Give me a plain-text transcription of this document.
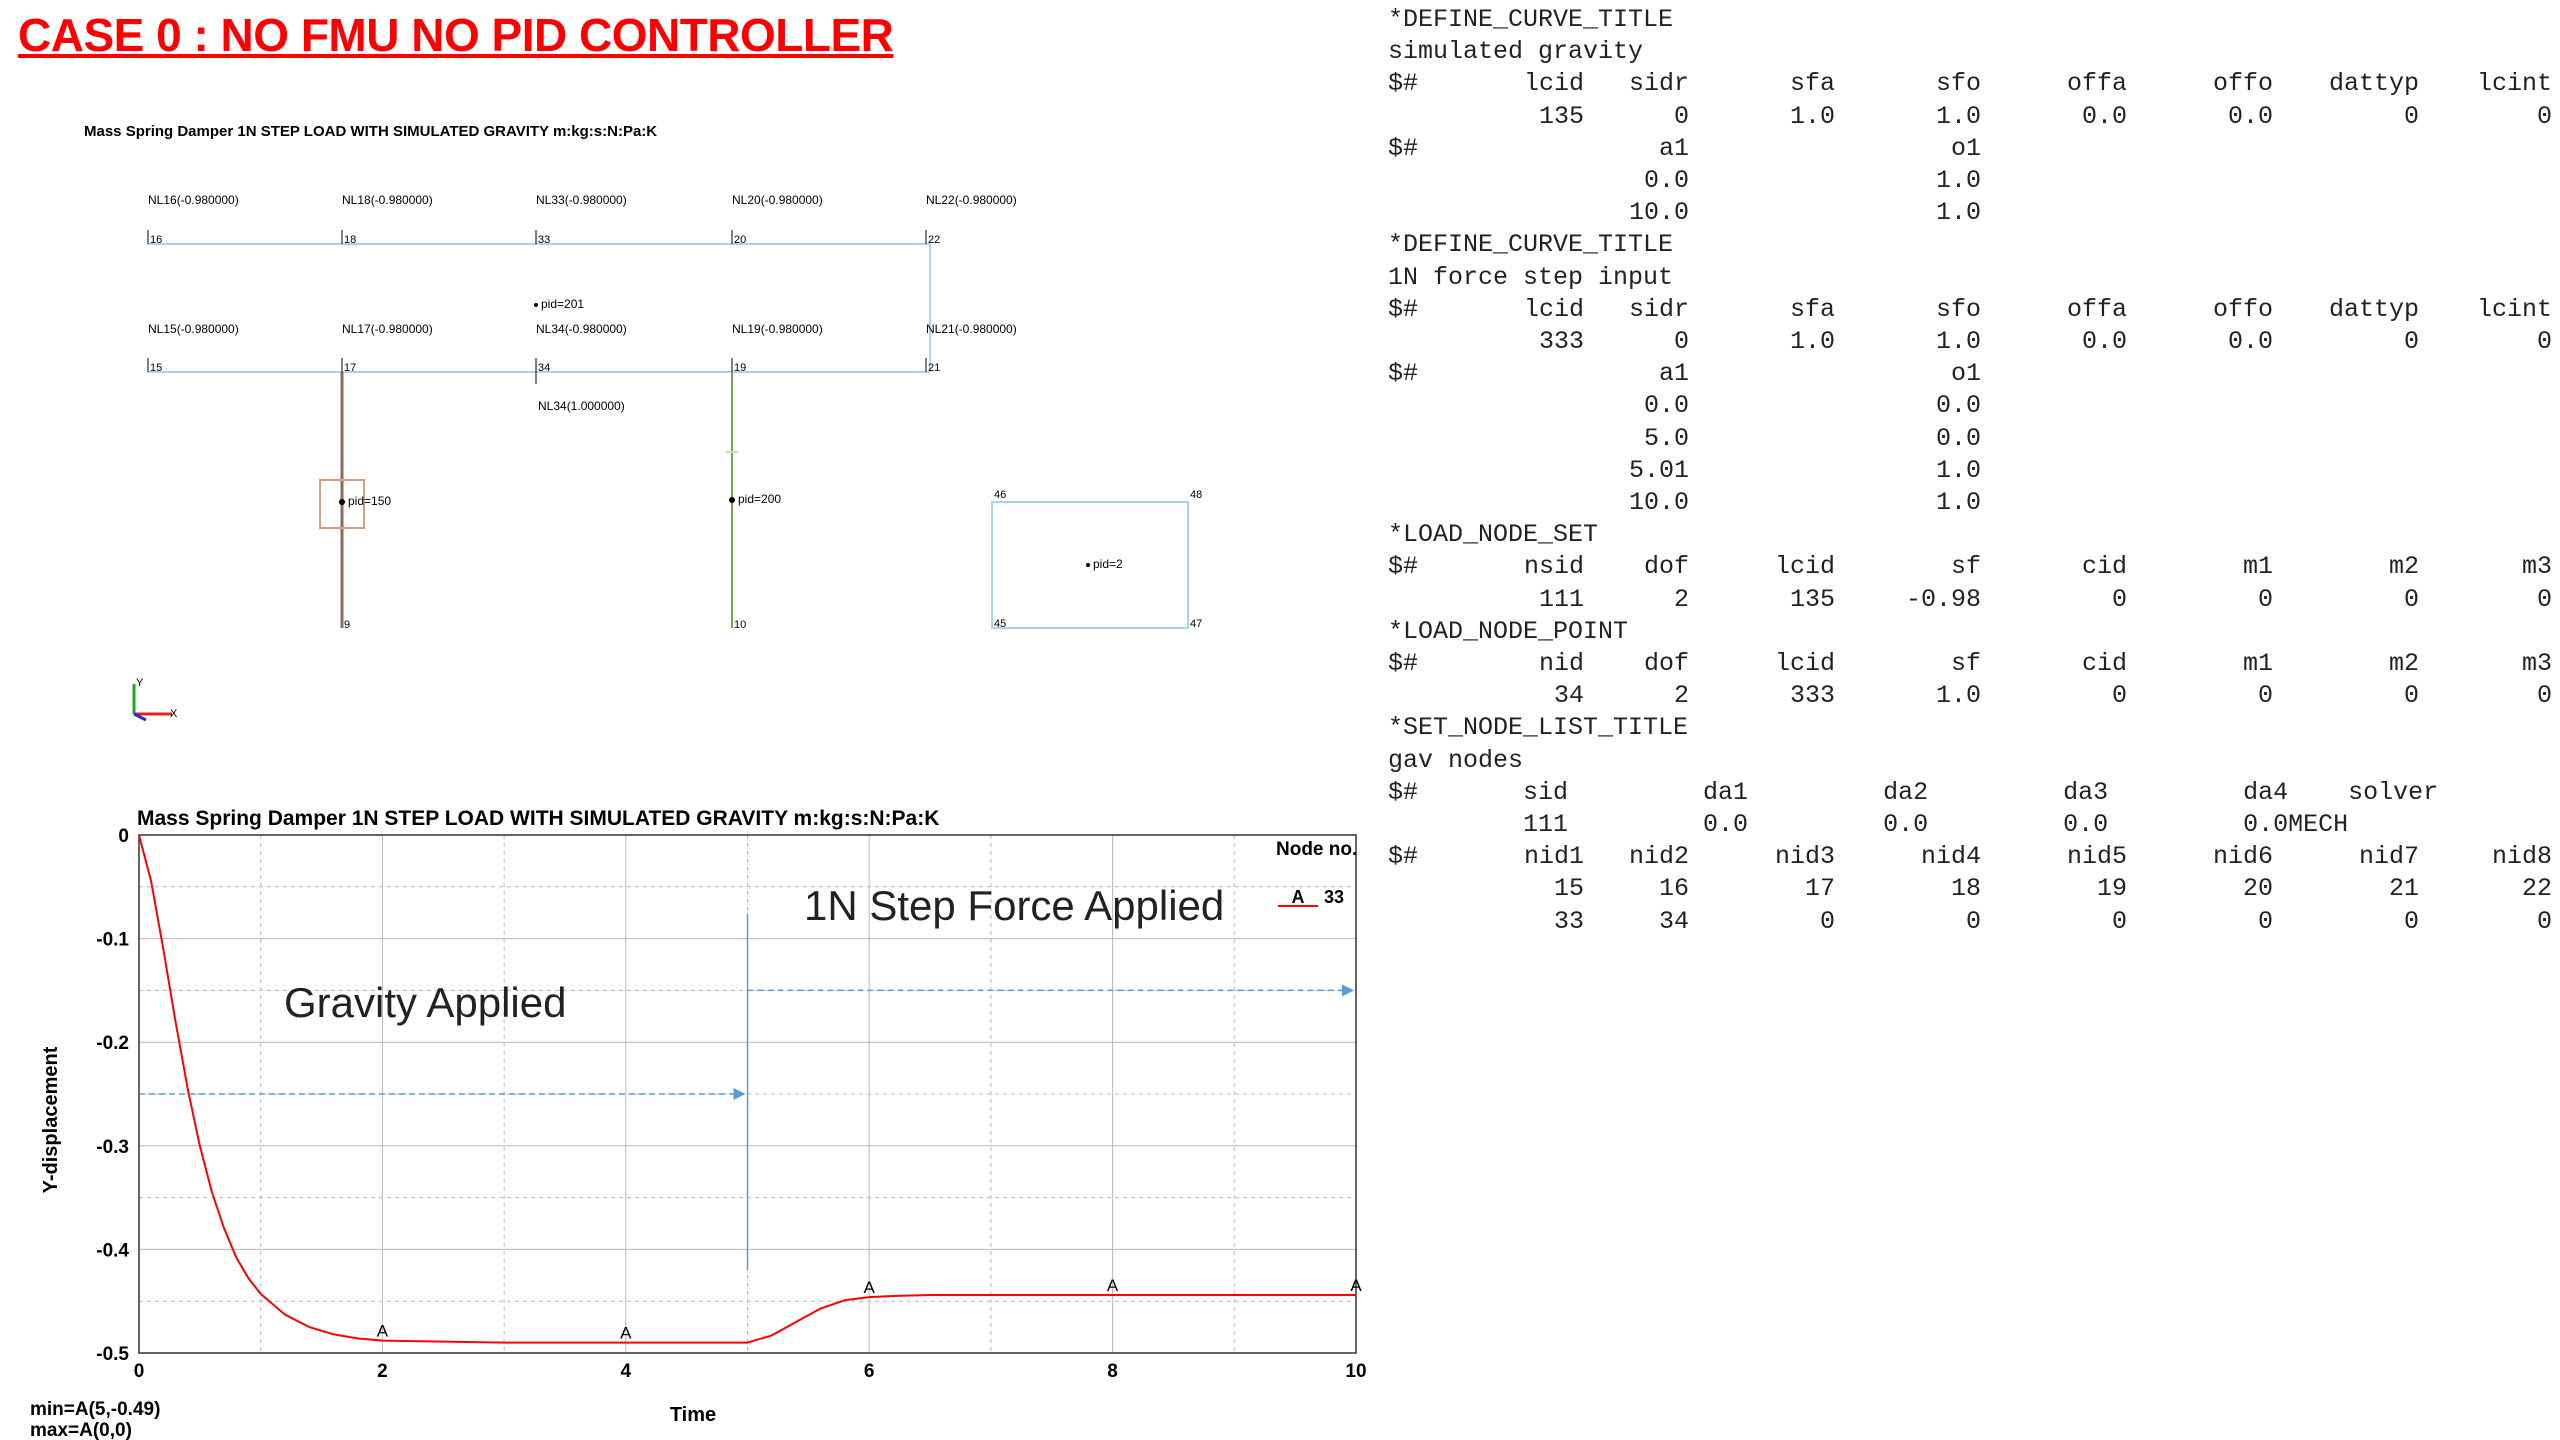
CASE 0 : NO FMU NO PID CONTROLLER
Mass Spring Damper 1N STEP LOAD WITH SIMULATED GRAVITY m:kg:s:N:Pa:K
NL16(-0.980000)
16
NL18(-0.980000)
18
NL33(-0.980000)
33
NL20(-0.980000)
20
NL22(-0.980000)
22
NL15(-0.980000)
15
NL17(-0.980000)
17
NL34(-0.980000)
34
NL19(-0.980000)
19
NL21(-0.980000)
21
pid=201
NL34(1.000000)
pid=150	pid=200
9	10
46	48
45	47
pid=2
Y
X
Mass Spring Damper 1N STEP LOAD WITH SIMULATED GRAVITY m:kg:s:N:Pa:K
0	2	4	6	8	10
0
-0.1
-0.2
-0.3
-0.4
-0.5
Time
Y-displacement
min=A(5,-0.49)
max=A(0,0)
A	A
A	A	A
Node no.
A 33
1N Step Force Applied
Gravity Applied
*DEFINE_CURVE_TITLE
simulated gravity
$#	lcid sidr	sfa	sfo	offa	offo dattyp lcint
135	0	1.0	1.0	0.0	0.0	0	0
$#	a1	o1
0.0	1.0
10.0	1.0
*DEFINE_CURVE_TITLE
1N force step input
$#	lcid sidr	sfa	sfo	offa	offo dattyp lcint
333	0	1.0	1.0	0.0	0.0	0	0
$#	a1	o1
0.0	0.0
5.0	0.0
5.01	1.0
10.0	1.0
*LOAD_NODE_SET
$#	nsid dof	lcid	sf	cid	m1	m2	m3
111	2	135	-0.98	0	0	0	0
*LOAD_NODE_POINT
$#	nid dof	lcid	sf	cid	m1	m2	m3
34	2	333	1.0	0	0	0	0
*SET_NODE_LIST_TITLE
gav nodes
$#       sid         da1         da2         da3         da4    solver
111         0.0         0.0         0.0         0.0MECH
$#	nid1 nid2	nid3	nid4	nid5	nid6	nid7	nid8
15	16	17	18	19	20	21	22
33	34	0	0	0	0	0	0
